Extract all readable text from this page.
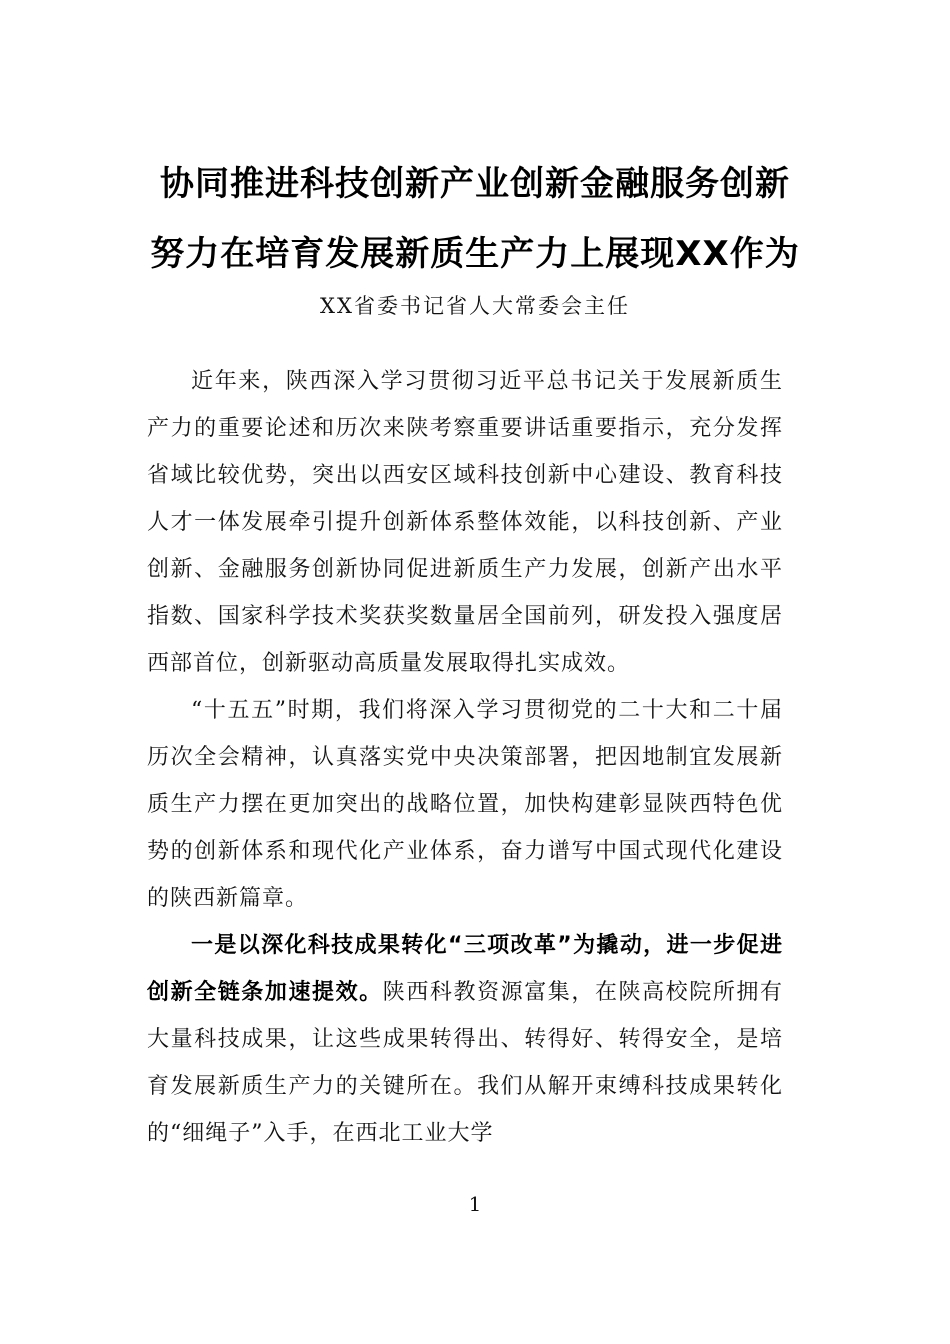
协同推进科技创新产业创新金融服务创新
努力在培育发展新质生产力上展现XX作为
XX省委书记省人大常委会主任

近年来，陕西深入学习贯彻习近平总书记关于发展新质生产力的重要论述和历次来陕考察重要讲话重要指示，充分发挥省域比较优势，突出以西安区域科技创新中心建设、教育科技人才一体发展牵引提升创新体系整体效能，以科技创新、产业创新、金融服务创新协同促进新质生产力发展，创新产出水平指数、国家科学技术奖获奖数量居全国前列，研发投入强度居西部首位，创新驱动高质量发展取得扎实成效。

“十五五”时期，我们将深入学习贯彻党的二十大和二十届历次全会精神，认真落实党中央决策部署，把因地制宜发展新质生产力摆在更加突出的战略位置，加快构建彰显陕西特色优势的创新体系和现代化产业体系，奋力谱写中国式现代化建设的陕西新篇章。

一是以深化科技成果转化“三项改革”为撬动，进一步促进创新全链条加速提效。陕西科教资源富集，在陕高校院所拥有大量科技成果，让这些成果转得出、转得好、转得安全，是培育发展新质生产力的关键所在。我们从解开束缚科技成果转化的“细绳子”入手，在西北工业大学

1
